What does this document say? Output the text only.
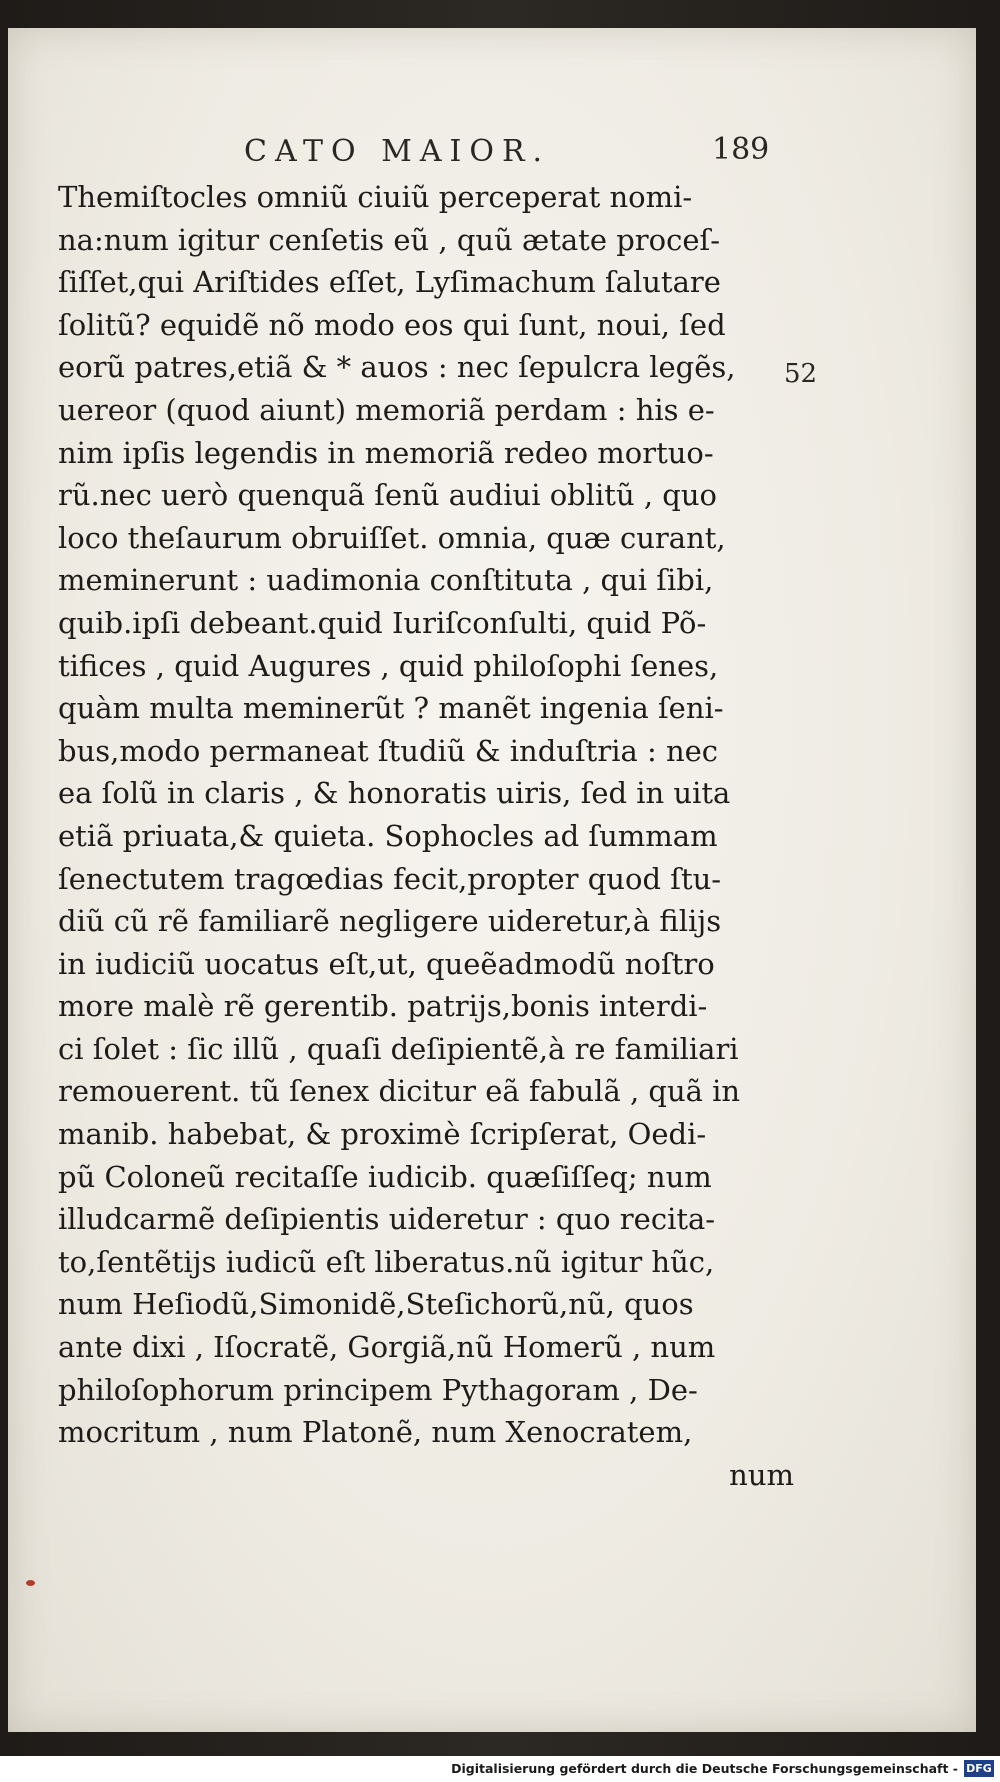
CATO MAIOR.	189
Themiſtocles omniũ ciuiũ perceperat nomi-
na:num igitur cenſetis eũ , quũ ætate proceſ-
ſiſſet,qui Ariſtides eſſet, Lyſimachum ſalutare
ſolitũ? equidẽ nõ modo eos qui ſunt, noui, ſed
eorũ patres,etiã & * auos : nec ſepulcra legẽs,
uereor (quod aiunt) memoriã perdam : his e-
nim ipſis legendis in memoriã redeo mortuo-
rũ.nec uerò quenquã ſenũ audiui oblitũ , quo
loco theſaurum obruiſſet. omnia, quæ curant,
meminerunt : uadimonia conſtituta , qui ſibi,
quib.ipſi debeant.quid Iuriſconſulti, quid Põ-
tifices , quid Augures , quid philoſophi ſenes,
quàm multa meminerũt ? manẽt ingenia ſeni-
bus,modo permaneat ſtudiũ & induſtria : nec
ea ſolũ in claris , & honoratis uiris, ſed in uita
etiã priuata,& quieta. Sophocles ad ſummam
ſenectutem tragœdias fecit,propter quod ſtu-
diũ cũ rẽ familiarẽ negligere uideretur,à filijs
in iudiciũ uocatus eſt,ut, queẽadmodũ noſtro
more malè rẽ gerentib. patrijs,bonis interdi-
ci ſolet : ſic illũ , quaſi deſipientẽ,à re familiari
remouerent. tũ ſenex dicitur eã fabulã , quã in
manib. habebat, & proximè ſcripſerat, Oedi-
pũ Coloneũ recitaſſe iudicib. quæſiſſeq; num
illudcarmẽ deſipientis uideretur : quo recita-
to,ſentẽtijs iudicũ eſt liberatus.nũ igitur hũc,
num Heſiodũ,Simonidẽ,Steſichorũ,nũ, quos
ante dixi , Iſocratẽ, Gorgiã,nũ Homerũ , num
philoſophorum principem Pythagoram , De-
mocritum , num Platonẽ, num Xenocratem,
num
52
Digitalisierung gefördert durch die Deutsche Forschungsgemeinschaft - DFG
